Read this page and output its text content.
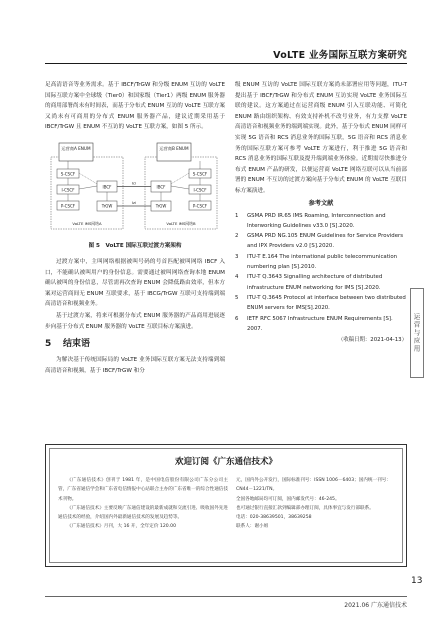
VoLTE 业务国际互联方案研究

足高清语音等业务需求。基于 IBCF/TrGW 和分级 ENUM 互访的 VoLTE 国际互联方案中全球级（Tier0）和国家级（Tier1）两级 ENUM 服务器的商用部署尚未有时间表，而基于分布式 ENUM 互访的 VoLTE 互联方案又尚未有可商用的分布式 ENUM 服务器产品，建议近期采用基于 IBCF/TrGW 且 ENUM 不互访的 VoLTE 互联方案，如图 5 所示。

运营商A ENUM	运营商B ENUM
S-CSCF
I-CSCF
P-CSCF
IBCF
TrGW
VoLTE IMS网络A
S-CSCF
I-CSCF
P-CSCF
IBCF
TrGW
VoLTE IMS网络B
Ici
Izi
图 5　VoLTE 国际互联过渡方案架构

过渡方案中，主叫网络根据被叫号码的号首匹配被叫网络 IBCF 入口，不能确认被叫用户的身份信息。需要通过被叫网络查询本地 ENUM 确认被叫的身份信息，尽管需再次查询 ENUM 会降低路由效率，但本方案对运营商间无 ENUM 互联要求，基于 IBCG/TrGW 互联可支持端到端高清语音和视频业务。

基于过渡方案，将来可根据分布式 ENUM 服务器的产品商用进展逐步向基于分布式 ENUM 服务器的 VoLTE 互联目标方案演进。

5 结束语

为解决基于传统国际局的 VoLTE 业务国际互联方案无法支持端到端高清语音和视频，基于 IBCF/TrGW 和分

级 ENUM 互访的 VoLTE 国际互联方案尚未部署应用等问题，ITU-T 提出基于 IBCF/TrGW 和分布式 ENUM 互访实现 VoLTE 业务国际互联的建议。这方案通过在运营商级 ENUM 引入互联功能、可简化 ENUM 路由组织架构、有效支持补机不改号业务，有力支撑 VoLTE 高清语音和视频业务的端到端实现。此外，基于分布式 ENUM 同样可实现 5G 语音和 RCS 消息业务的国际互联，5G 语音和 RCS 消息业务的国际互联方案可参考 VoLTE 方案进行，利于推进 5G 语音和 RCS 消息业务的国际互联及提升端到端业务体验。近期需尽快推进分布式 ENUM 产品的研发，以便运营商 VoLTE 网络互联可以从当前部署的 ENUM 不互访的过渡方案向基于分布式 ENUM 的 VoLTE 互联目标方案演进。

参考文献
1 GSMA PRD IR.65 IMS Roaming, Interconnection and Interworking Guidelines v33.0 [S].2020.
2 GSMA PRD NG.105 ENUM Guidelines for Service Providers and IPX Providers v2.0 [S].2020.
3 ITU-T E.164 The international public telecommunication numbering plan [S].2010.
4 ITU-T Q.3643 Signalling architecture of distributed infrastructure ENUM networking for IMS [S].2020.
5 ITU-T Q.3645 Protocol at interface between two distributed ENUM servers for IMS[S].2020.
6 IETF RFC 5067 Infrastructure ENUM Requirements [S]. 2007.
（收稿日期：2021-04-13） 运营与应用
欢迎订阅《广东通信技术》

《广东通信技术》创刊于 1981 年，是中国电信股份有限公司广东分公司主管，广东省通信学会和广东省电信情报中心站联合主办的广东省唯一的综合性通信技术刊物。

《广东通信技术》主要反映广东通信建设的最新成就和交流引进、吸收国外先进通信技术的经验，介绍国内外最新通信技术的发展及趋势等。

《广东通信技术》月刊，大 16 开，全年定价 120.00

元，国内外公开发行，国际标准刊号：ISSN 1006－6403；国内统一刊号：CN44－1221/TN。
全国各地邮局均可订阅，国内邮发代号：46-245。
也可通过银行直接汇款到编辑部办理订阅，具体事宜与发行部联系。
电话：020-38639501，38639258
联系人：谢小姐
13
2021.06 广东通信技术
